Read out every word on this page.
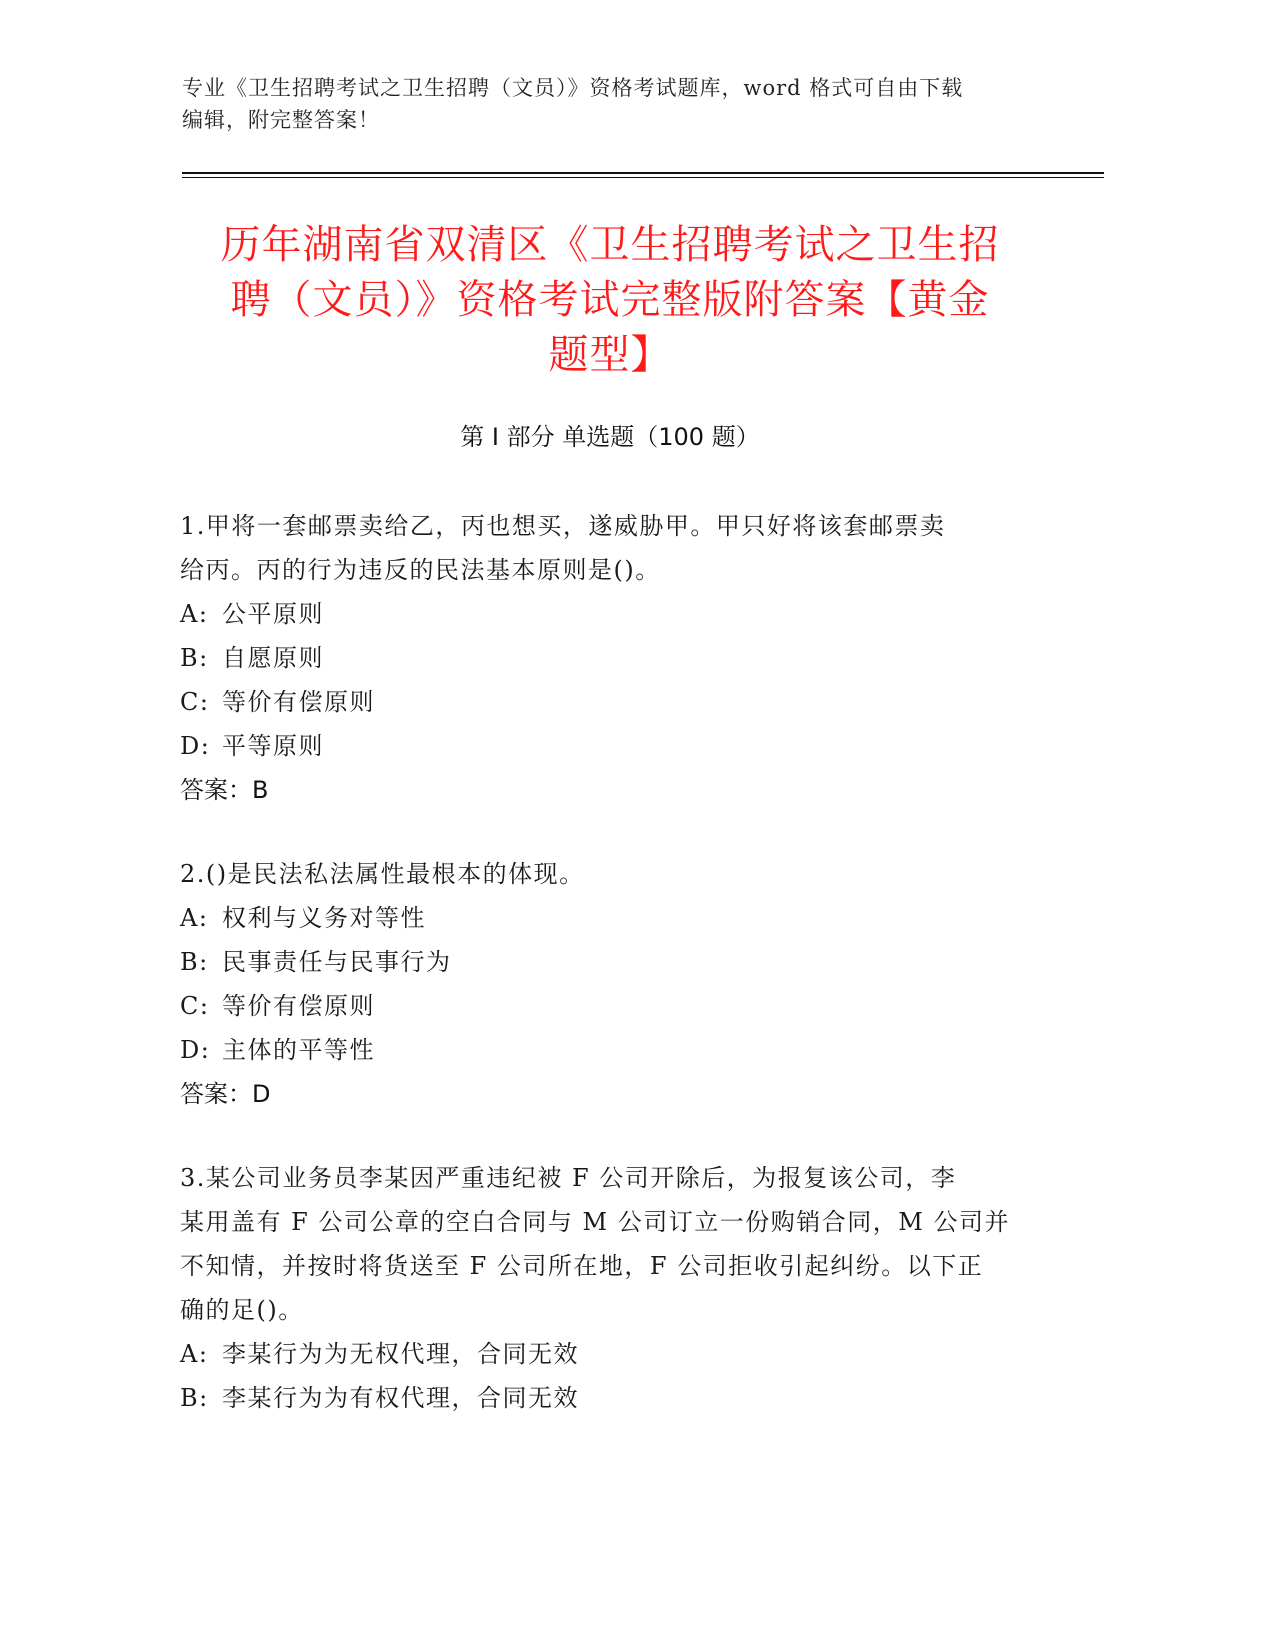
专业《卫生招聘考试之卫生招聘（文员）》资格考试题库，word 格式可自由下载
编辑，附完整答案！
历年湖南省双清区《卫生招聘考试之卫生招
聘（文员）》资格考试完整版附答案【黄金
题型】
第 I 部分 单选题（100 题）

1.甲将一套邮票卖给乙，丙也想买，遂威胁甲。甲只好将该套邮票卖

给丙。丙的行为违反的民法基本原则是()。

A: 公平原则

B: 自愿原则

C: 等价有偿原则

D: 平等原则

答案：B

2.()是民法私法属性最根本的体现。

A: 权利与义务对等性

B: 民事责任与民事行为

C: 等价有偿原则

D: 主体的平等性

答案：D

3.某公司业务员李某因严重违纪被 F 公司开除后，为报复该公司，李

某用盖有 F 公司公章的空白合同与 M 公司订立一份购销合同，M 公司并

不知情，并按时将货送至 F 公司所在地，F 公司拒收引起纠纷。以下正

确的足()。

A: 李某行为为无权代理，合同无效

B: 李某行为为有权代理，合同无效
